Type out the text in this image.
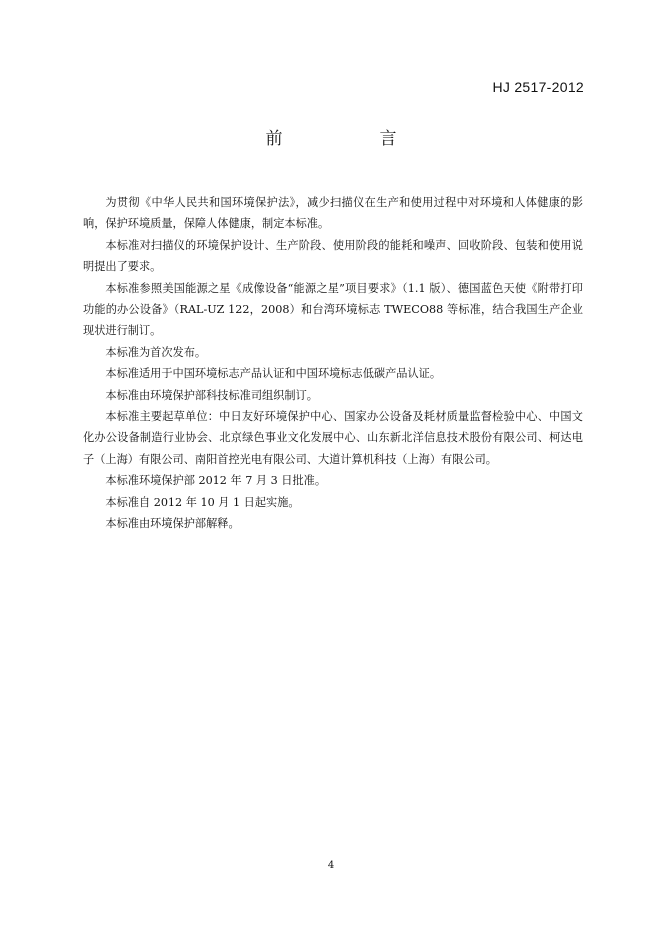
HJ 2517-2012
前　言

为贯彻《中华人民共和国环境保护法》，减少扫描仪在生产和使用过程中对环境和人体健康的影响，保护环境质量，保障人体健康，制定本标准。

本标准对扫描仪的环境保护设计、生产阶段、使用阶段的能耗和噪声、回收阶段、包装和使用说明提出了要求。

本标准参照美国能源之星《成像设备“能源之星”项目要求》（1.1 版）、德国蓝色天使《附带打印功能的办公设备》（RAL-UZ 122，2008）和台湾环境标志 TWECO88 等标准，结合我国生产企业现状进行制订。

本标准为首次发布。

本标准适用于中国环境标志产品认证和中国环境标志低碳产品认证。

本标准由环境保护部科技标准司组织制订。

本标准主要起草单位：中日友好环境保护中心、国家办公设备及耗材质量监督检验中心、中国文化办公设备制造行业协会、北京绿色事业文化发展中心、山东新北洋信息技术股份有限公司、柯达电子（上海）有限公司、南阳首控光电有限公司、大道计算机科技（上海）有限公司。

本标准环境保护部 2012 年 7 月 3 日批准。

本标准自 2012 年 10 月 1 日起实施。

本标准由环境保护部解释。

4
